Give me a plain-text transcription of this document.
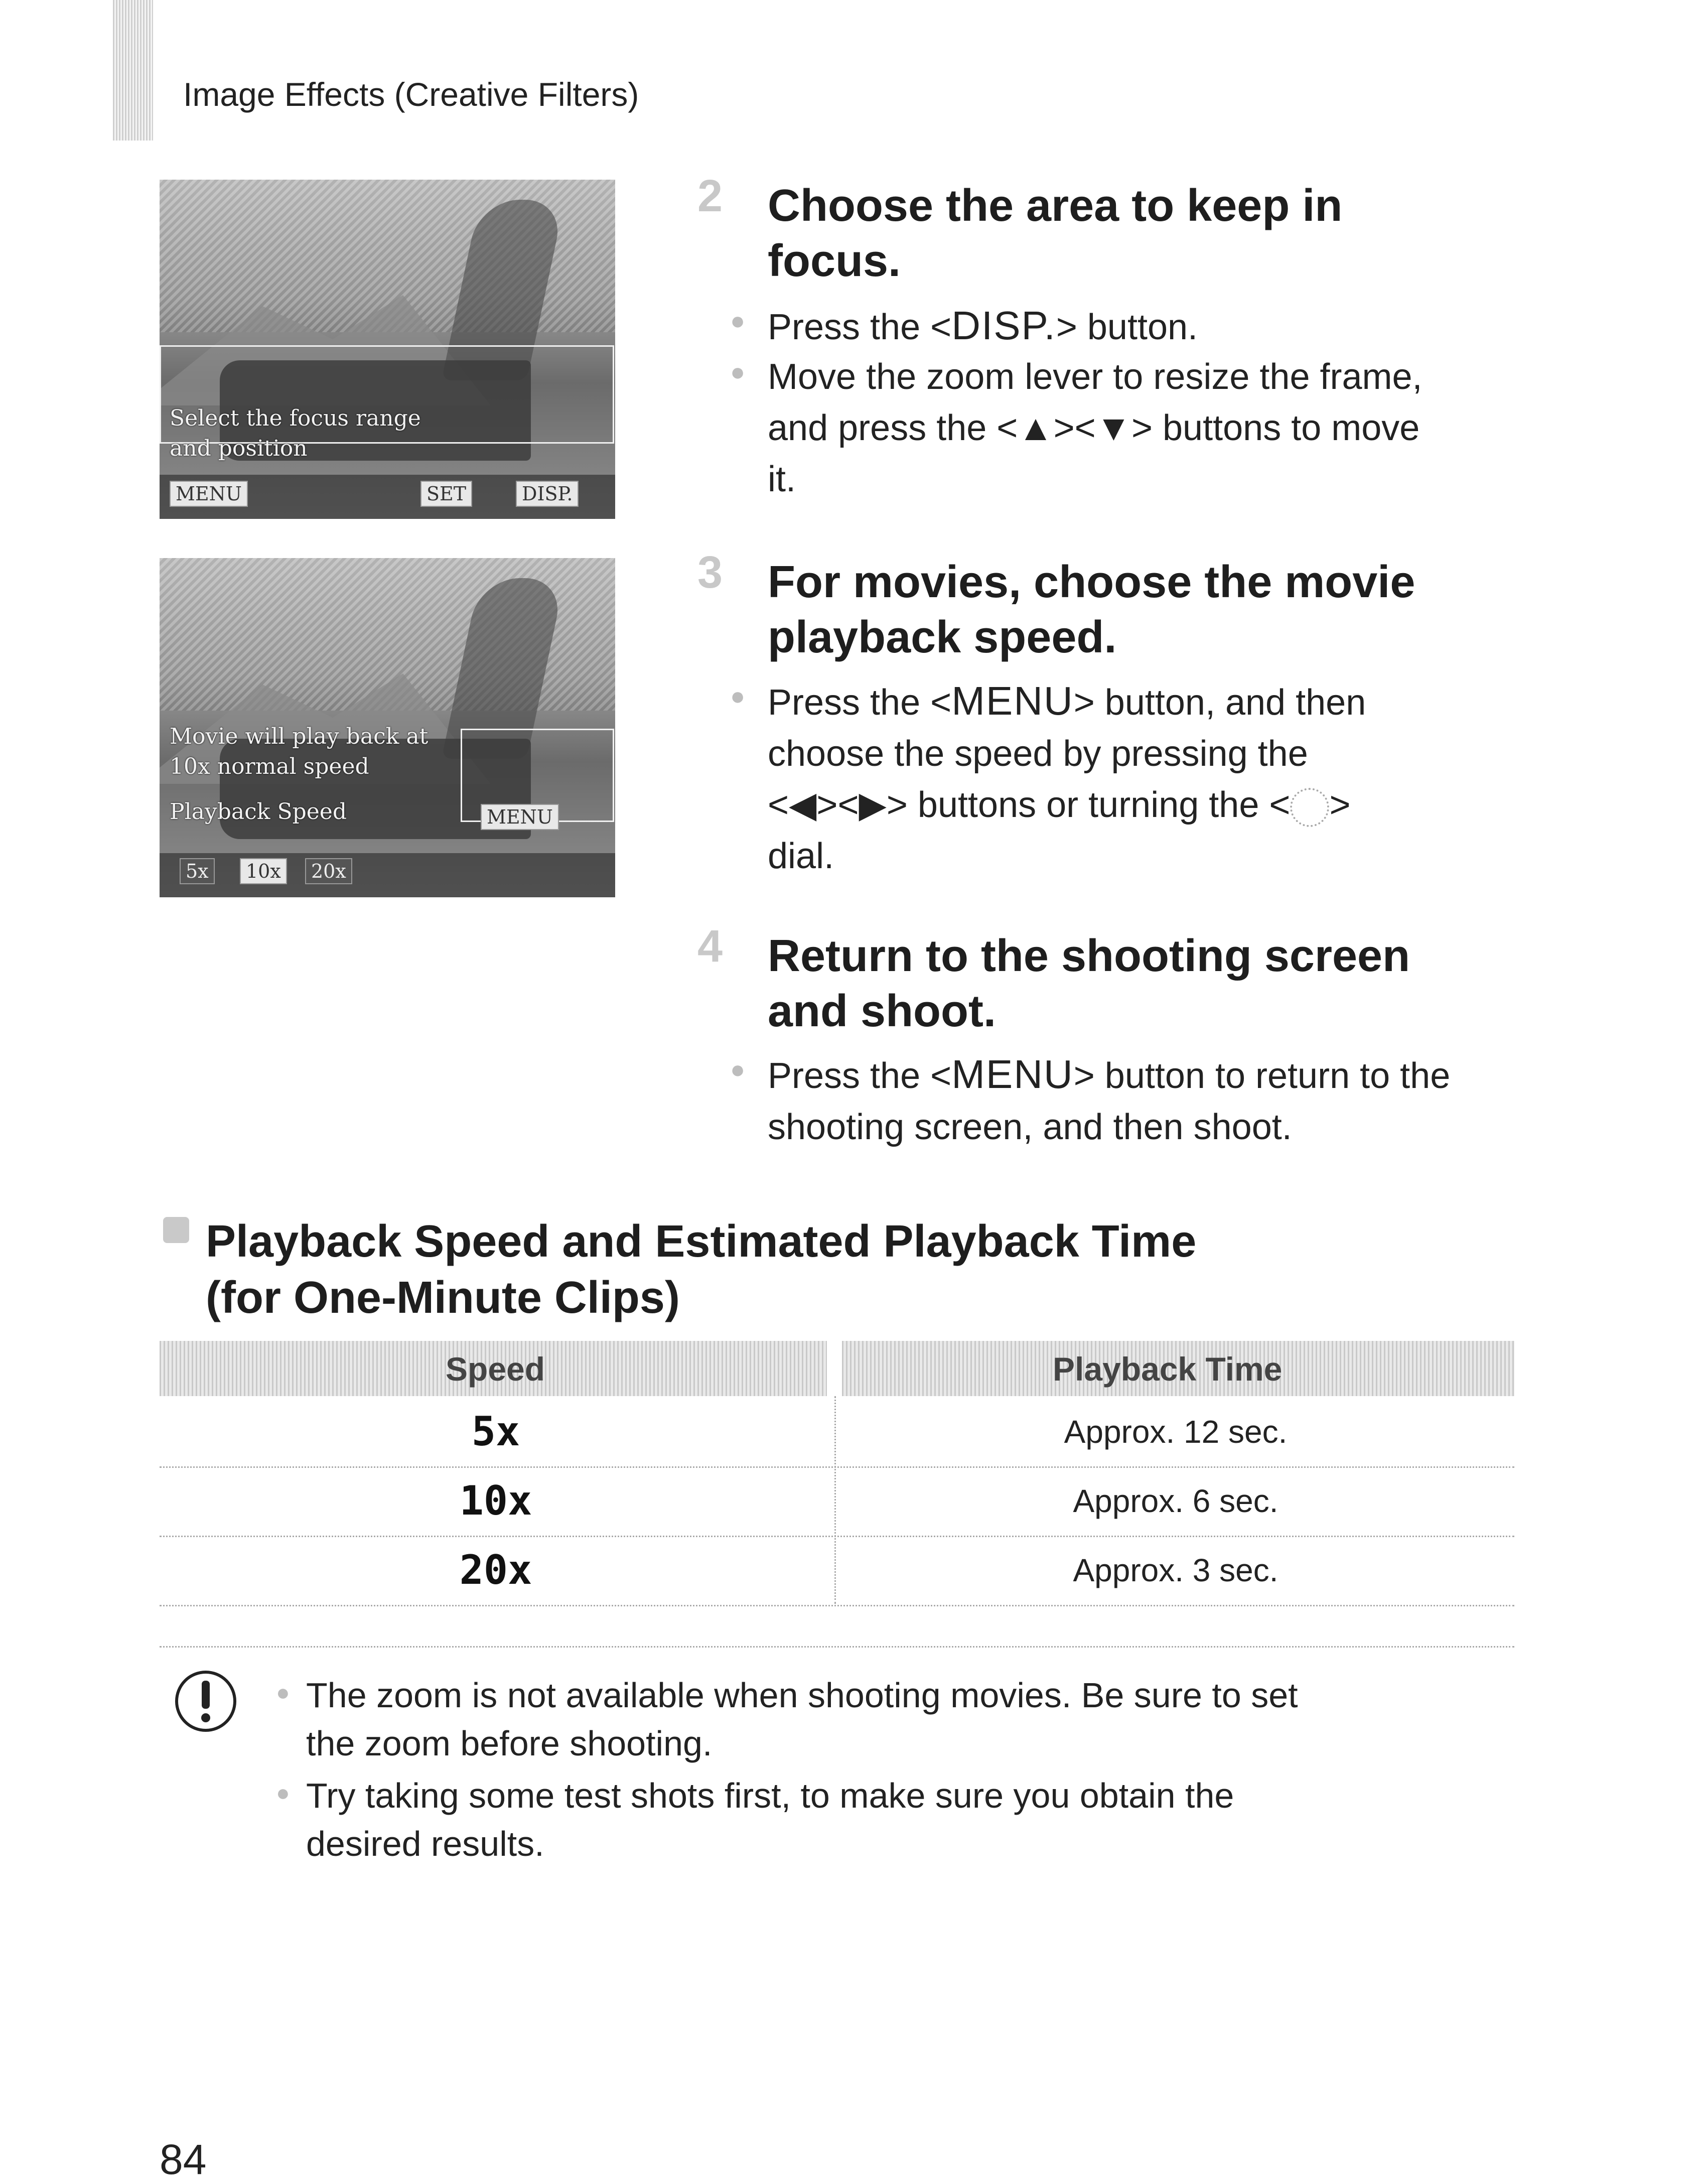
Image Effects (Creative Filters)
Select the focus range
and position
MENU	SET	DISP.
Movie will play back at
10x normal speed
Playback Speed	MENU
5x	10x	20x
2 Choose the area to keep in
focus.
● Press the <DISP.> button.
● Move the zoom lever to resize the frame,
and press the <▲><▼> buttons to move
it.
3 For movies, choose the movie
playback speed.
● Press the <MENU> button, and then
choose the speed by pressing the
<◀><▶> buttons or turning the < >
dial.
4 Return to the shooting screen
and shoot.
● Press the <MENU> button to return to the
shooting screen, and then shoot.
Playback Speed and Estimated Playback Time
(for One-Minute Clips)
Speed	Playback Time
5x	Approx. 12 sec.
10x	Approx. 6 sec.
20x	Approx. 3 sec.
● The zoom is not available when shooting movies. Be sure to set
the zoom before shooting.
● Try taking some test shots first, to make sure you obtain the
desired results.
84
